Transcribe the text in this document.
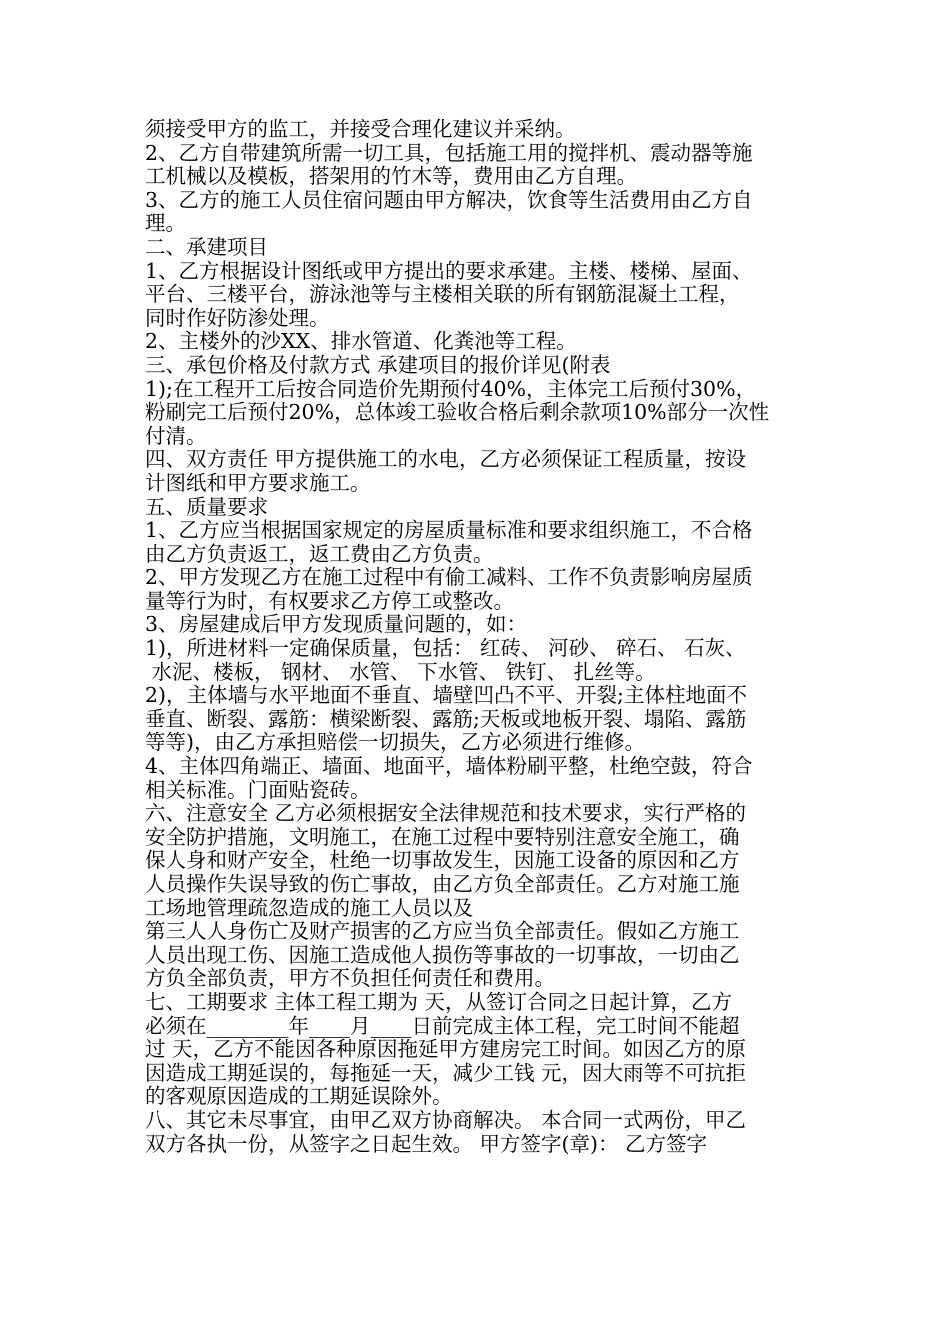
须接受甲方的监工，并接受合理化建议并采纳。
2、乙方自带建筑所需一切工具，包括施工用的搅拌机、震动器等施
工机械以及模板，搭架用的竹木等，费用由乙方自理。
3、乙方的施工人员住宿问题由甲方解决，饮食等生活费用由乙方自
理。
二、承建项目
1、乙方根据设计图纸或甲方提出的要求承建。主楼、楼梯、屋面、
平台、三楼平台，游泳池等与主楼相关联的所有钢筋混凝土工程，
同时作好防渗处理。
2、主楼外的沙XX、排水管道、化粪池等工程。
三、承包价格及付款方式 承建项目的报价详见(附表
1);在工程开工后按合同造价先期预付40%，主体完工后预付30%，
粉刷完工后预付20%，总体竣工验收合格后剩余款项10%部分一次性
付清。
四、双方责任 甲方提供施工的水电，乙方必须保证工程质量，按设
计图纸和甲方要求施工。
五、质量要求
1、乙方应当根据国家规定的房屋质量标准和要求组织施工，不合格
由乙方负责返工，返工费由乙方负责。
2、甲方发现乙方在施工过程中有偷工减料、工作不负责影响房屋质
量等行为时，有权要求乙方停工或整改。
3、房屋建成后甲方发现质量问题的，如：
1)，所进材料一定确保质量，包括： 红砖、 河砂、 碎石、 石灰、
水泥、楼板， 钢材、 水管、 下水管、 铁钉、 扎丝等。
2)，主体墙与水平地面不垂直、墙壁凹凸不平、开裂;主体柱地面不
垂直、断裂、露筋：横梁断裂、露筋;天板或地板开裂、塌陷、露筋
等等)，由乙方承担赔偿一切损失，乙方必须进行维修。
4、主体四角端正、墙面、地面平，墙体粉刷平整，杜绝空鼓，符合
相关标准。门面贴瓷砖。
六、注意安全 乙方必须根据安全法律规范和技术要求，实行严格的
安全防护措施，文明施工，在施工过程中要特别注意安全施工，确
保人身和财产安全，杜绝一切事故发生，因施工设备的原因和乙方
人员操作失误导致的伤亡事故，由乙方负全部责任。乙方对施工施
工场地管理疏忽造成的施工人员以及
第三人人身伤亡及财产损害的乙方应当负全部责任。假如乙方施工
人员出现工伤、因施工造成他人损伤等事故的一切事故，一切由乙
方负全部负责，甲方不负担任何责任和费用。
七、工期要求 主体工程工期为 天，从签订合同之日起计算，乙方
必须在________年____月____日前完成主体工程，完工时间不能超
过 天，乙方不能因各种原因拖延甲方建房完工时间。如因乙方的原
因造成工期延误的，每拖延一天，减少工钱 元，因大雨等不可抗拒
的客观原因造成的工期延误除外。
八、其它未尽事宜，由甲乙双方协商解决。 本合同一式两份，甲乙
双方各执一份，从签字之日起生效。 甲方签字(章)： 乙方签字
